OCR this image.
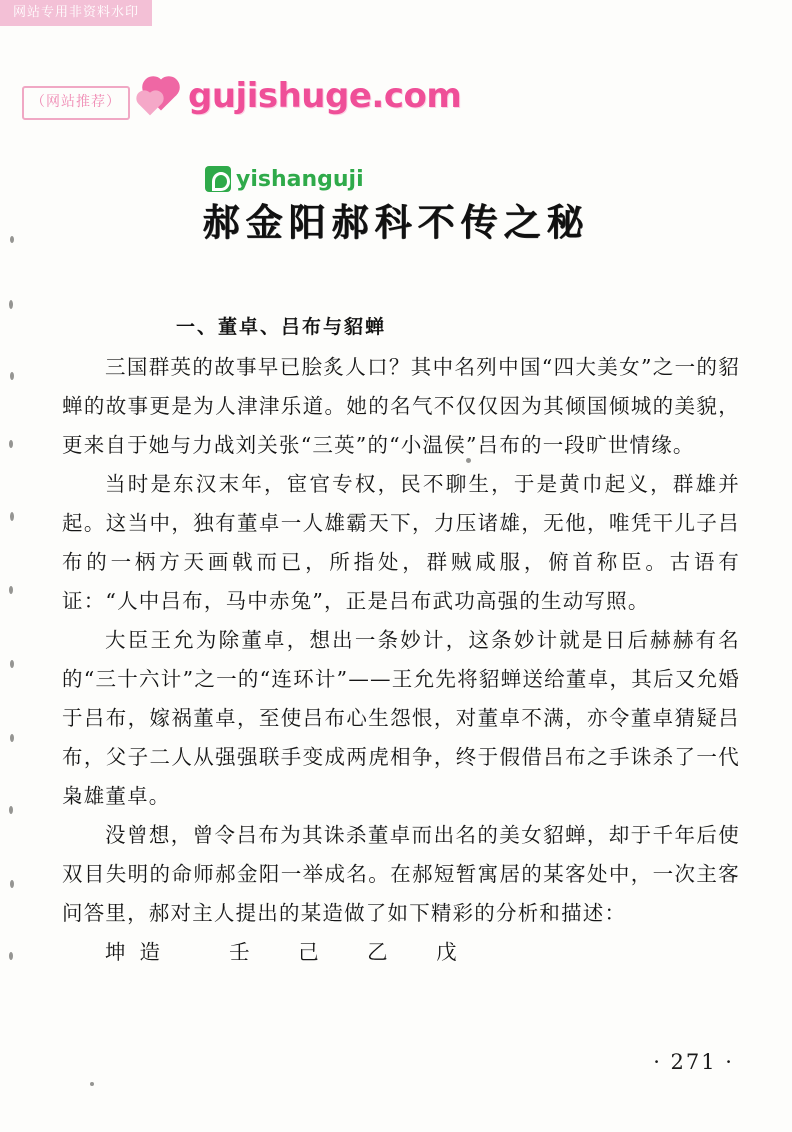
网站专用非资料水印
（网站推荐） gujishuge.com
yishanguji
郝金阳郝科不传之秘
一、董卓、吕布与貂蝉

三国群英的故事早已脍炙人口？其中名列中国“四大美女”之一的貂蝉的故事更是为人津津乐道。她的名气不仅仅因为其倾国倾城的美貌，更来自于她与力战刘关张“三英”的“小温侯”吕布的一段旷世情缘。

当时是东汉末年，宦官专权，民不聊生，于是黄巾起义，群雄并起。这当中，独有董卓一人雄霸天下，力压诸雄，无他，唯凭干儿子吕布的一柄方天画戟而已，所指处，群贼咸服，俯首称臣。古语有证：“人中吕布，马中赤兔”，正是吕布武功高强的生动写照。

大臣王允为除董卓，想出一条妙计，这条妙计就是日后赫赫有名的“三十六计”之一的“连环计”——王允先将貂蝉送给董卓，其后又允婚于吕布，嫁祸董卓，至使吕布心生怨恨，对董卓不满，亦令董卓猜疑吕布，父子二人从强强联手变成两虎相争，终于假借吕布之手诛杀了一代枭雄董卓。

没曾想，曾令吕布为其诛杀董卓而出名的美女貂蝉，却于千年后使双目失明的命师郝金阳一举成名。在郝短暂寓居的某客处中，一次主客问答里，郝对主人提出的某造做了如下精彩的分析和描述：

坤造　 壬　己　乙　戊

· 271 ·
